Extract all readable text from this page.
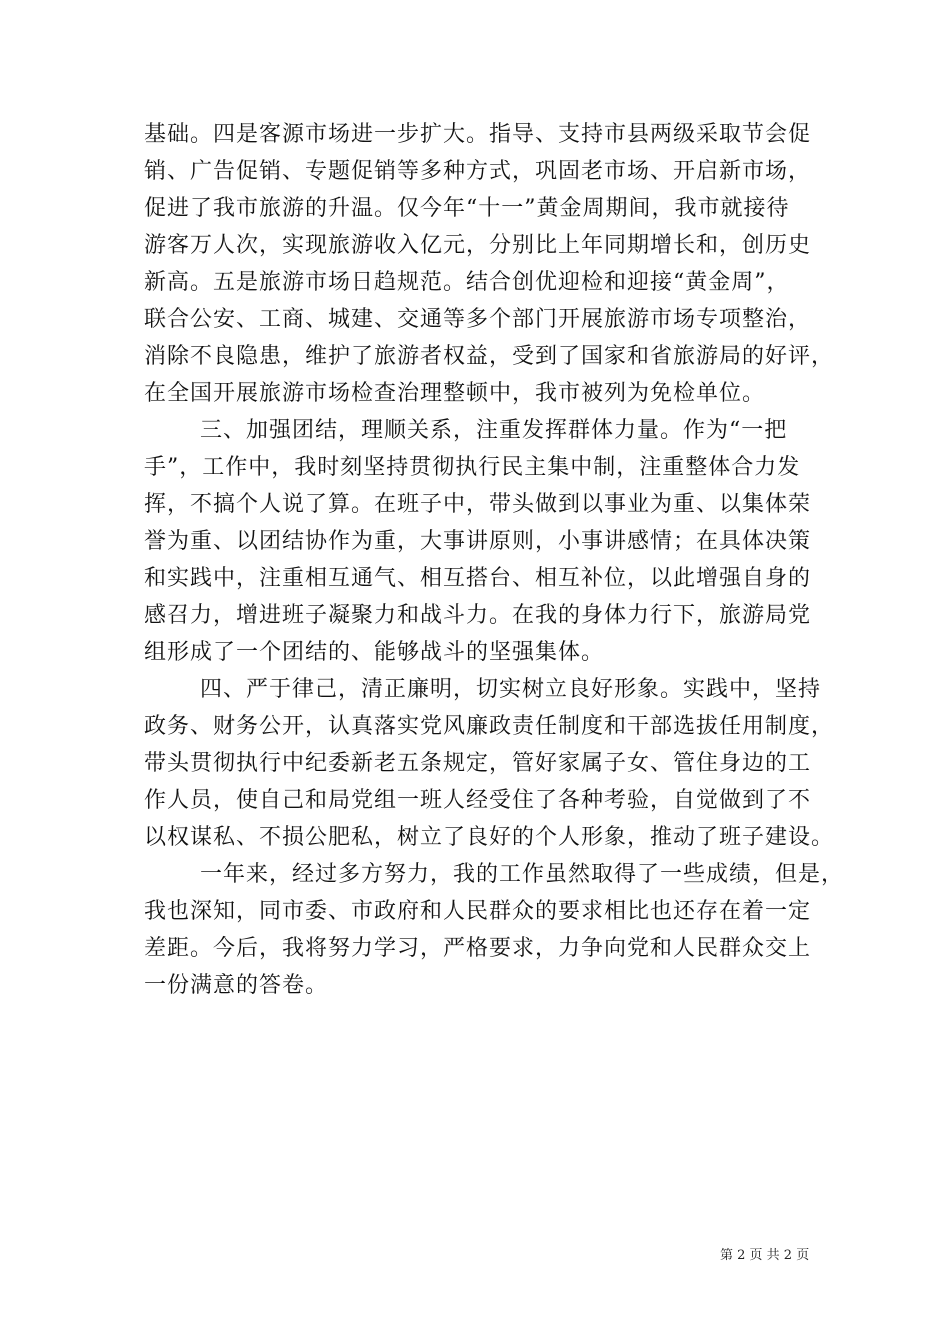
基础。四是客源市场进一步扩大。指导、支持市县两级采取节会促
销、广告促销、专题促销等多种方式，巩固老市场、开启新市场，
促进了我市旅游的升温。仅今年“十一”黄金周期间，我市就接待
游客万人次，实现旅游收入亿元，分别比上年同期增长和，创历史
新高。五是旅游市场日趋规范。结合创优迎检和迎接“黄金周”，
联合公安、工商、城建、交通等多个部门开展旅游市场专项整治，
消除不良隐患，维护了旅游者权益，受到了国家和省旅游局的好评，
在全国开展旅游市场检查治理整顿中，我市被列为免检单位。
三、加强团结，理顺关系，注重发挥群体力量。作为“一把
手”，工作中，我时刻坚持贯彻执行民主集中制，注重整体合力发
挥，不搞个人说了算。在班子中，带头做到以事业为重、以集体荣
誉为重、以团结协作为重，大事讲原则，小事讲感情；在具体决策
和实践中，注重相互通气、相互搭台、相互补位，以此增强自身的
感召力，增进班子凝聚力和战斗力。在我的身体力行下，旅游局党
组形成了一个团结的、能够战斗的坚强集体。
四、严于律己，清正廉明，切实树立良好形象。实践中，坚持
政务、财务公开，认真落实党风廉政责任制度和干部选拔任用制度，
带头贯彻执行中纪委新老五条规定，管好家属子女、管住身边的工
作人员，使自己和局党组一班人经受住了各种考验，自觉做到了不
以权谋私、不损公肥私，树立了良好的个人形象，推动了班子建设。
一年来，经过多方努力，我的工作虽然取得了一些成绩，但是，
我也深知，同市委、市政府和人民群众的要求相比也还存在着一定
差距。今后，我将努力学习，严格要求，力争向党和人民群众交上
一份满意的答卷。
第 2 页 共 2 页
